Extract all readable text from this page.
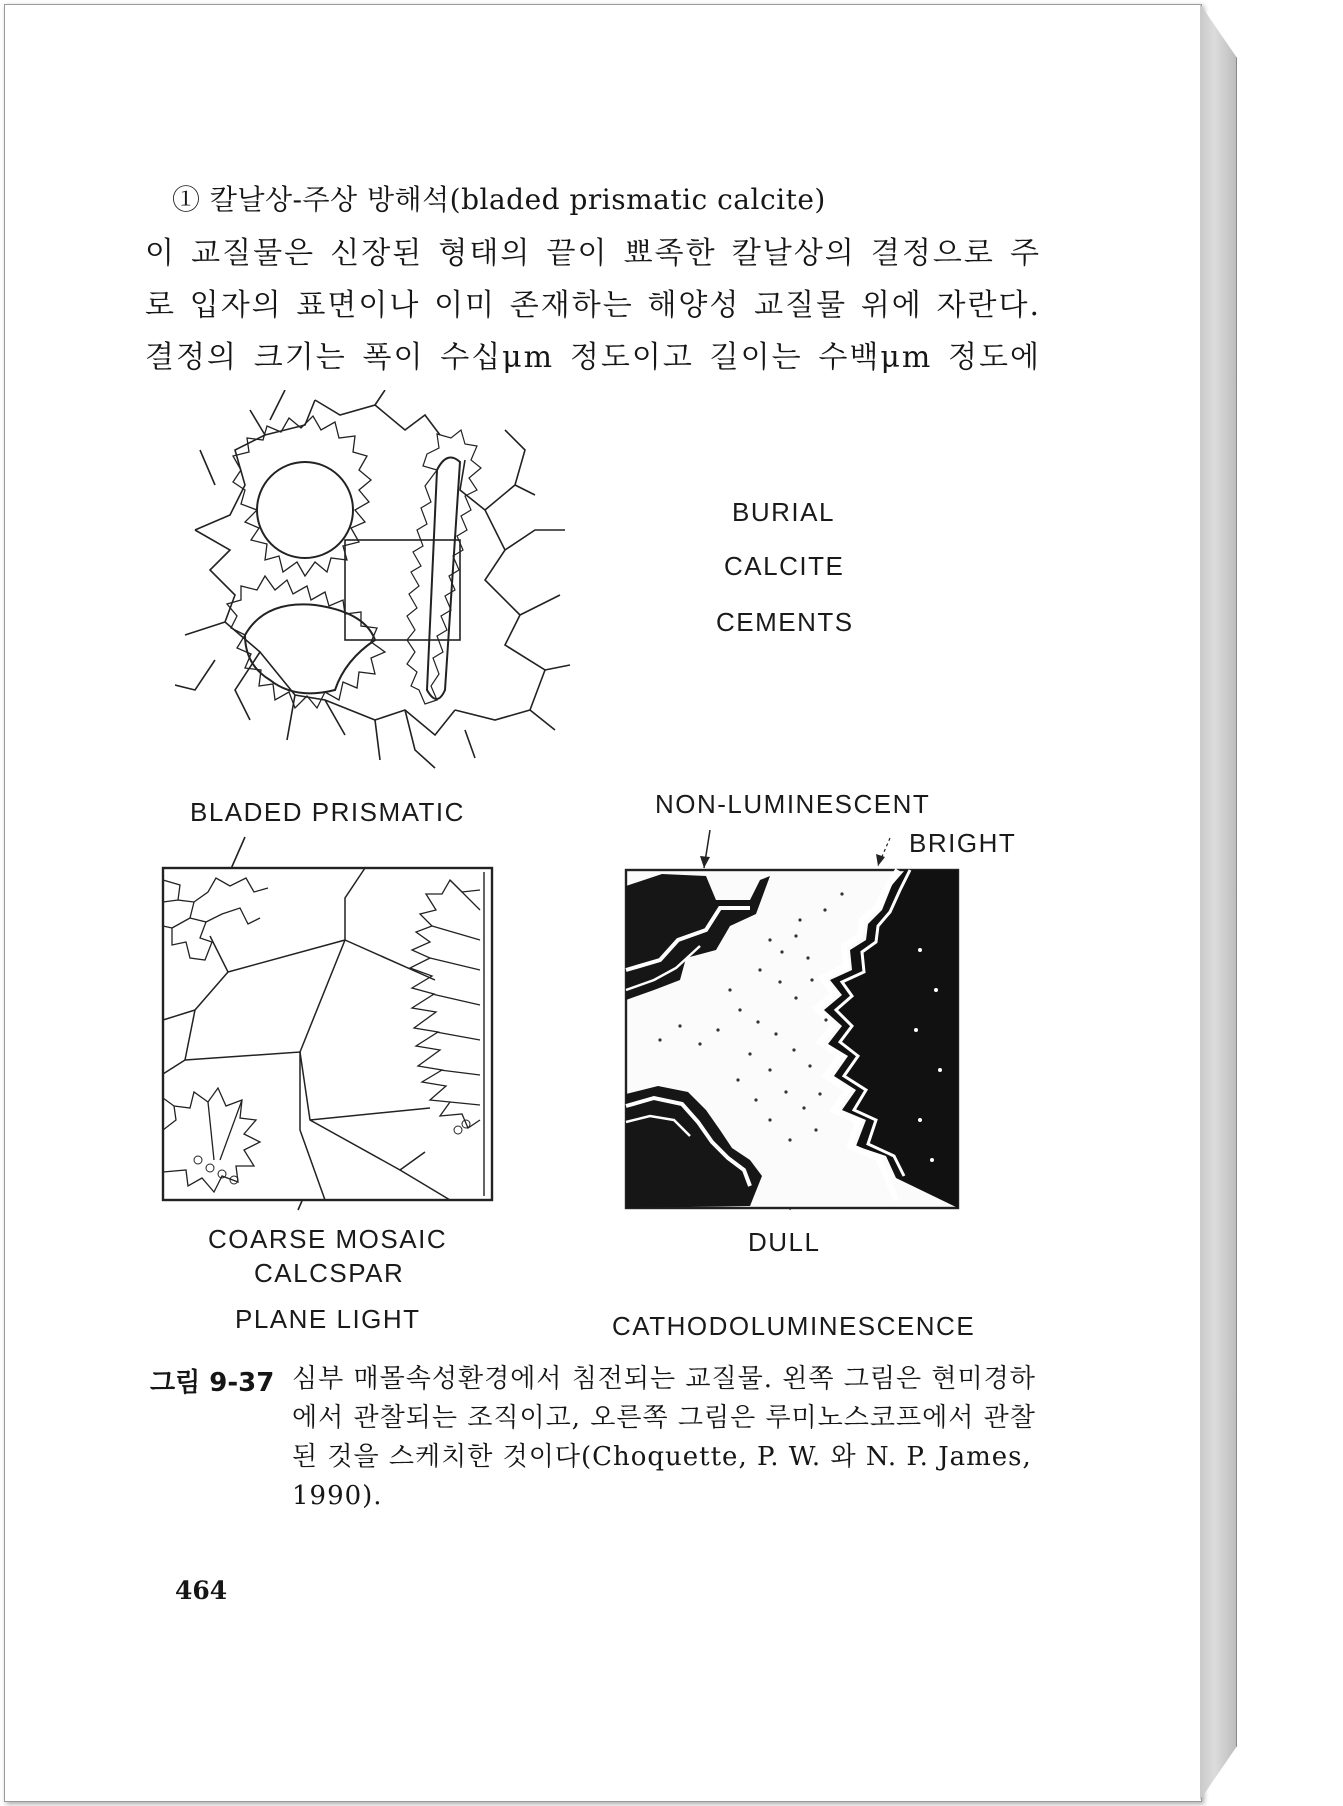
① 칼날상-주상 방해석(bladed prismatic calcite)
이 교질물은 신장된 형태의 끝이 뾰족한 칼날상의 결정으로 주
로 입자의 표면이나 이미 존재하는 해양성 교질물 위에 자란다.
결정의 크기는 폭이 수십μm 정도이고 길이는 수백μm 정도에
BURIAL
CALCITE
CEMENTS
BLADED PRISMATIC
COARSE MOSAIC
CALCSPAR
PLANE LIGHT
NON-LUMINESCENT
BRIGHT
DULL
CATHODOLUMINESCENCE
그림 9-37 심부 매몰속성환경에서 침전되는 교질물. 왼쪽 그림은 현미경하에서 관찰되는 조직이고, 오른쪽 그림은 루미노스코프에서 관찰된 것을 스케치한 것이다(Choquette, P. W. 와 N. P. James, 1990).
464
